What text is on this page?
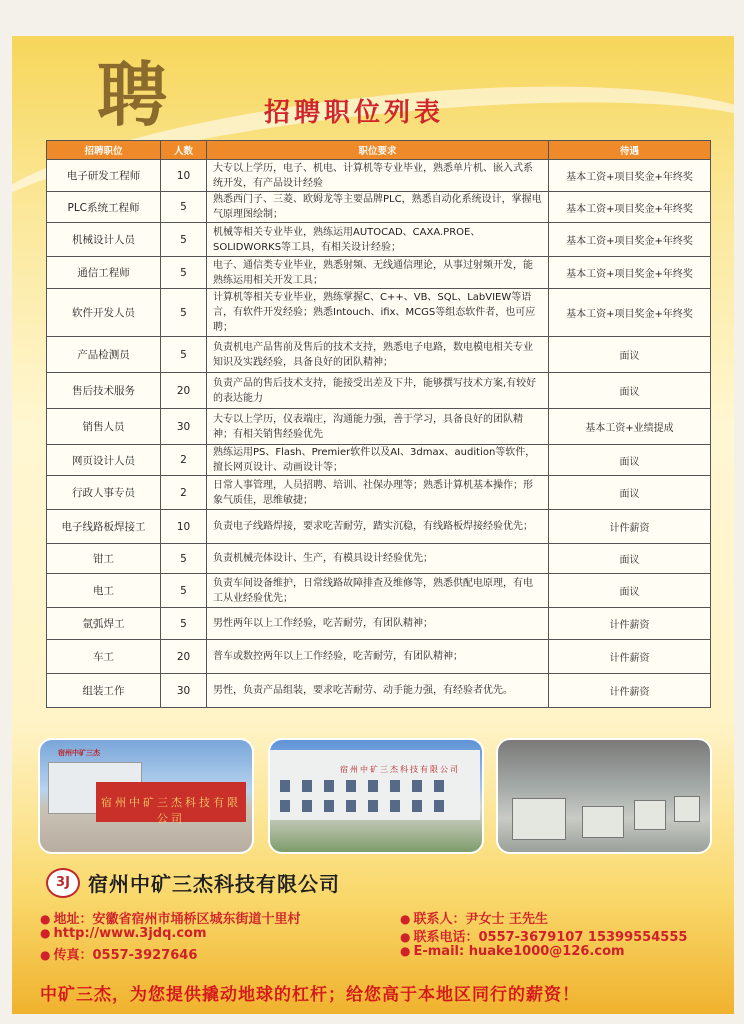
聘	招聘职位列表
招聘职位	人数	职位要求	待遇
电子研发工程师	10	大专以上学历，电子、机电、计算机等专业毕业，熟悉单片机、嵌入式系统开发，有产品设计经验	基本工资+项目奖金+年终奖
PLC系统工程师	5	熟悉西门子、三菱、欧姆龙等主要品牌PLC，熟悉自动化系统设计，掌握电气原理图绘制；	基本工资+项目奖金+年终奖
机械设计人员	5	机械等相关专业毕业，熟练运用AUTOCAD、CAXA.PROE、SOLIDWORKS等工具，有相关设计经验；	基本工资+项目奖金+年终奖
通信工程师	5	电子、通信类专业毕业，熟悉射频、无线通信理论，从事过射频开发，能熟练运用相关开发工具；	基本工资+项目奖金+年终奖
软件开发人员	5	计算机等相关专业毕业，熟练掌握C、C++、VB、SQL、LabVIEW等语言，有软件开发经验；熟悉Intouch、ifix、MCGS等组态软件者，也可应聘；	基本工资+项目奖金+年终奖
产品检测员	5	负责机电产品售前及售后的技术支持，熟悉电子电路，数电模电相关专业知识及实践经验，具备良好的团队精神；	面议
售后技术服务	20	负责产品的售后技术支持，能接受出差及下井，能够撰写技术方案,有较好的表达能力	面议
销售人员	30	大专以上学历，仪表端庄，沟通能力强，善于学习，具备良好的团队精神；有相关销售经验优先	基本工资+业绩提成
网页设计人员	2	熟练运用PS、Flash、Premier软件以及AI、3dmax、audition等软件，擅长网页设计、动画设计等；	面议
行政人事专员	2	日常人事管理，人员招聘、培训、社保办理等；熟悉计算机基本操作；形象气质佳，思维敏捷；	面议
电子线路板焊接工	10	负责电子线路焊接，要求吃苦耐劳，踏实沉稳，有线路板焊接经验优先；	计件薪资
钳工	5	负责机械壳体设计、生产，有模具设计经验优先；	面议
电工	5	负责车间设备维护，日常线路故障排查及维修等，熟悉供配电原理，有电工从业经验优先；	面议
氩弧焊工	5	男性两年以上工作经验，吃苦耐劳，有团队精神；	计件薪资
车工	20	普车或数控两年以上工作经验，吃苦耐劳，有团队精神；	计件薪资
组装工作	30	男性，负责产品组装，要求吃苦耐劳、动手能力强，有经验者优先。	计件薪资
宿州中矿三杰
宿州中矿三杰科技有限公司
宿州中矿三杰科技有限公司
3J 宿州中矿三杰科技有限公司
● 地址：安徽省宿州市埇桥区城东街道十里村
● http://www.3jdq.com
● 传真：0557-3927646
● 联系人：尹女士 王先生
● 联系电话：0557-3679107 15399554555
● E-mail: huake1000@126.com
中矿三杰，为您提供撬动地球的杠杆；给您高于本地区同行的薪资！
